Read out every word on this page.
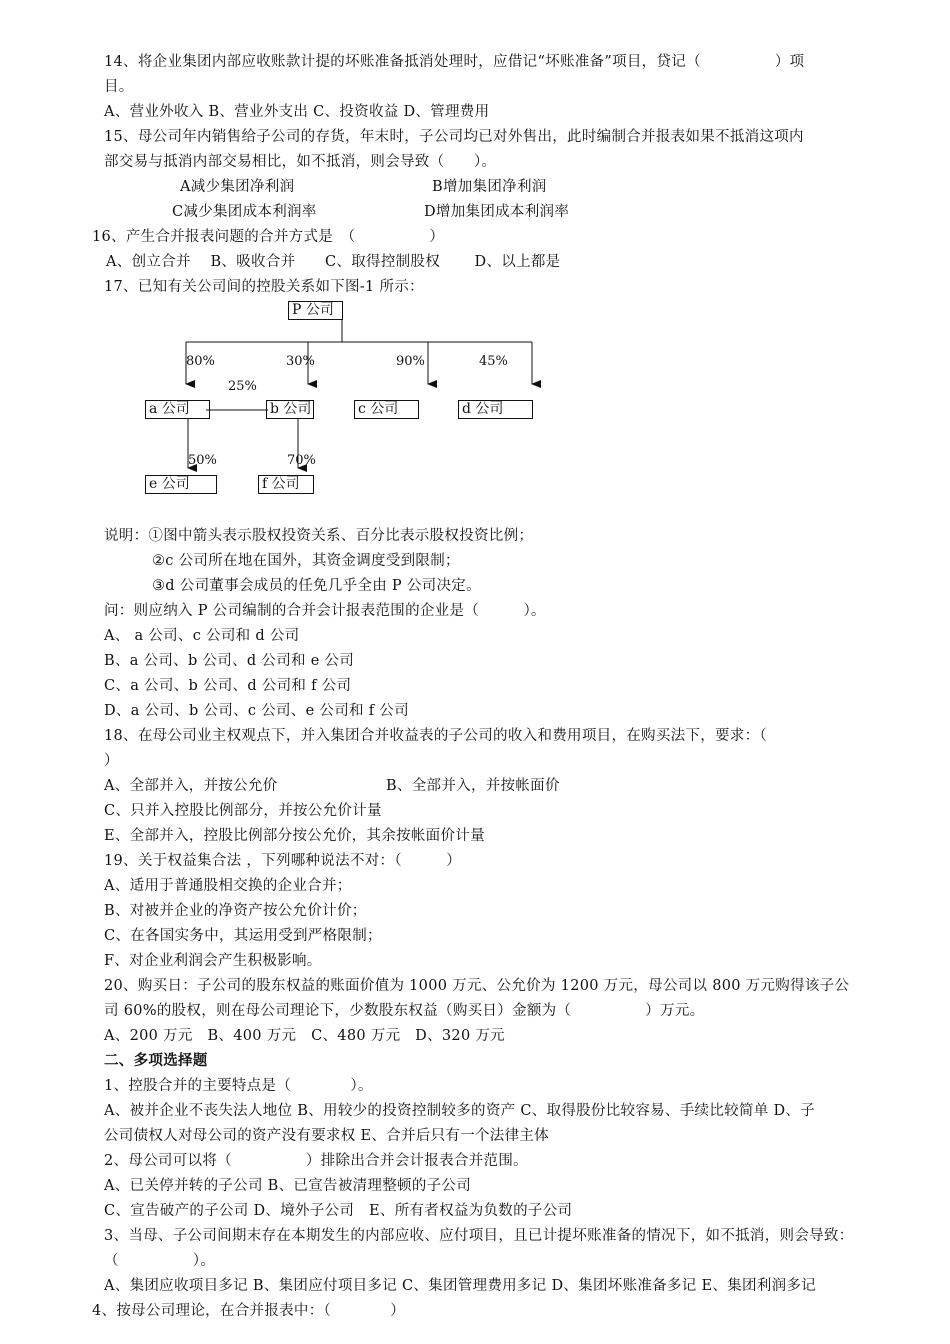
14、将企业集团内部应收账款计提的坏账准备抵消处理时，应借记“坏账准备”项目，贷记（　　　　　）项
目。
A、营业外收入 B、营业外支出 C、投资收益 D、管理费用
15、母公司年内销售给子公司的存货，年末时，子公司均已对外售出，此时编制合并报表如果不抵消这项内
部交易与抵消内部交易相比，如不抵消，则会导致（　　）。
A减少集团净利润	B增加集团净利润
C减少集团成本利润率	D增加集团成本利润率
16、产生合并报表问题的合并方式是　（　　　　　）
A、创立合并　 B、吸收合并　　C、取得控制股权　　 D、以上都是
17、已知有关公司间的控股关系如下图-1 所示：
P 公司
a 公司	b 公司	c 公司	d 公司
e 公司	f 公司
80%	30%	90%	45%
25%
50%	70%
说明：①图中箭头表示股权投资关系、百分比表示股权投资比例；
②c 公司所在地在国外，其资金调度受到限制；
③d 公司董事会成员的任免几乎全由 P 公司决定。
问：则应纳入 P 公司编制的合并会计报表范围的企业是（　　　）。
A、 a 公司、c 公司和 d 公司
B、a 公司、b 公司、d 公司和 e 公司
C、a 公司、b 公司、d 公司和 f 公司
D、a 公司、b 公司、c 公司、e 公司和 f 公司
18、在母公司业主权观点下，并入集团合并收益表的子公司的收入和费用项目，在购买法下，要求：（
）
A、全部并入，并按公允价	B、全部并入，并按帐面价
C、只并入控股比例部分，并按公允价计量
E、全部并入，控股比例部分按公允价，其余按帐面价计量
19、关于权益集合法 ，下列哪种说法不对：（　　　）
A、适用于普通股相交换的企业合并；
B、对被并企业的净资产按公允价计价；
C、在各国实务中，其运用受到严格限制；
F、对企业利润会产生积极影响。
20、购买日：子公司的股东权益的账面价值为 1000 万元、公允价为 1200 万元，母公司以 800 万元购得该子公
司 60%的股权，则在母公司理论下，少数股东权益（购买日）金额为（　　　　　）万元。
A、200 万元　B、400 万元　C、480 万元　D、320 万元
二、多项选择题
1、控股合并的主要特点是（　　　　）。
A、被并企业不丧失法人地位 B、用较少的投资控制较多的资产 C、取得股份比较容易、手续比较简单 D、子
公司债权人对母公司的资产没有要求权 E、合并后只有一个法律主体
2、母公司可以将（　　　　　）排除出合并会计报表合并范围。
A、已关停并转的子公司 B、已宣告被清理整顿的子公司
C、宣告破产的子公司 D、境外子公司　E、所有者权益为负数的子公司
3、当母、子公司间期末存在本期发生的内部应收、应付项目，且已计提坏账准备的情况下，如不抵消，则会导致：
（　　　　　）。
A、集团应收项目多记 B、集团应付项目多记 C、集团管理费用多记 D、集团坏账准备多记 E、集团利润多记
4、按母公司理论，在合并报表中：（　　　　）
